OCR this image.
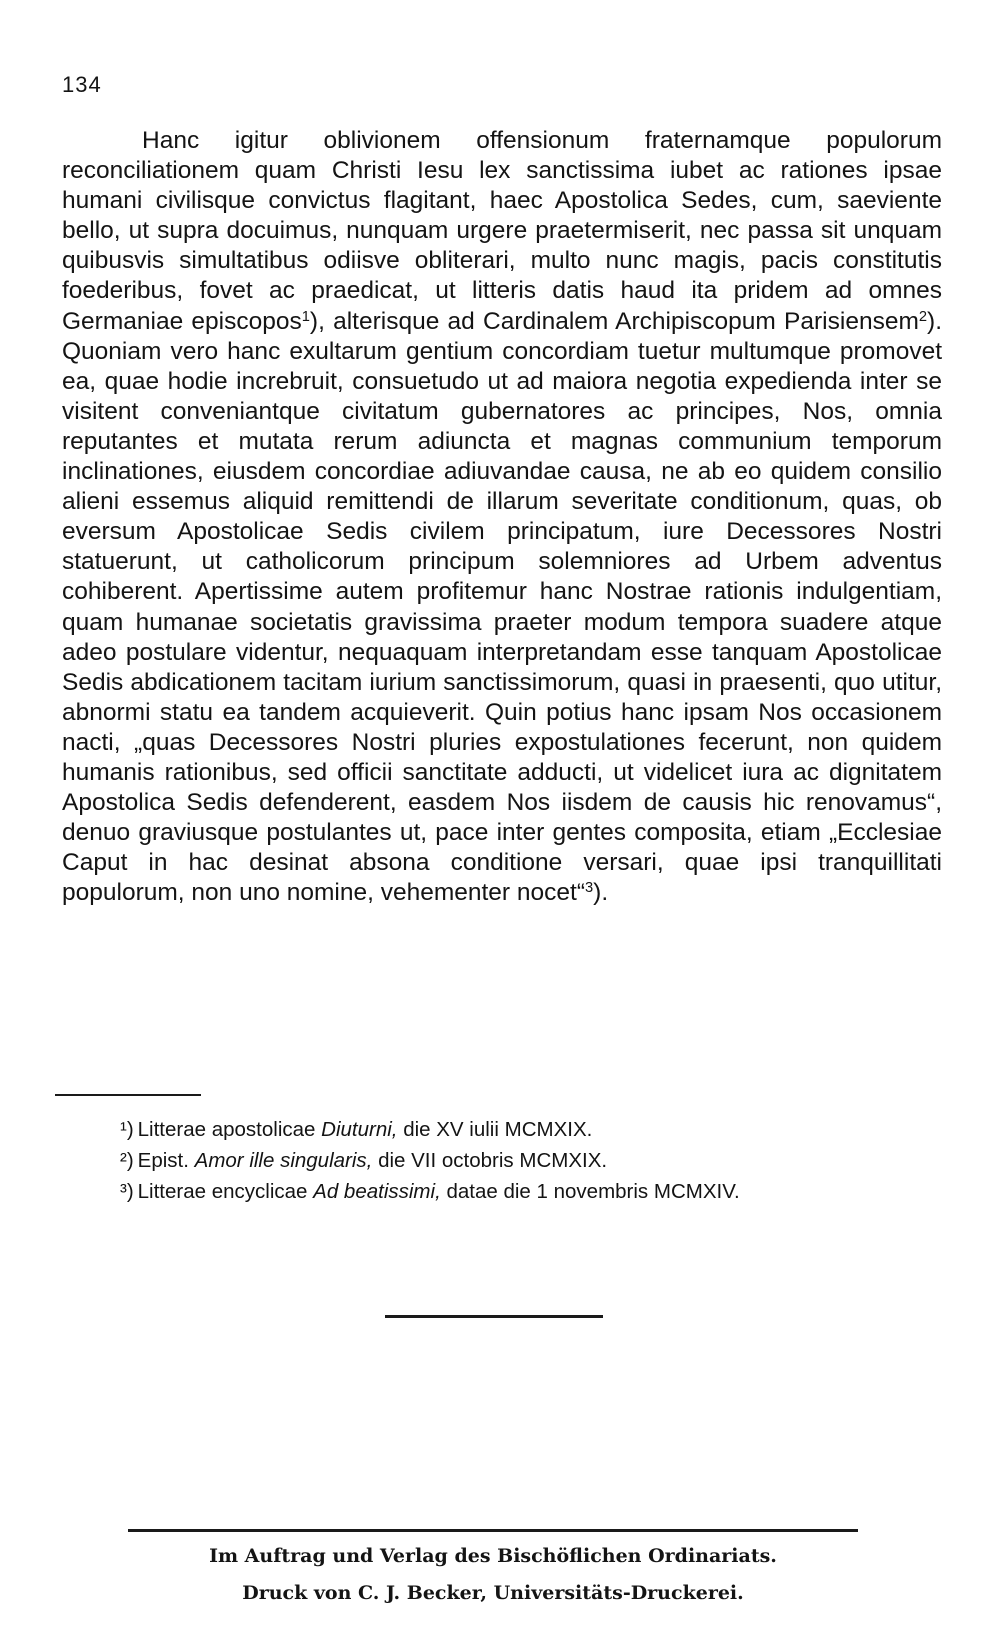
134

Hanc igitur oblivionem offensionum fraternamque populorum reconciliationem quam Christi Iesu lex sanctissima iubet ac rationes ipsae humani civilisque convictus flagitant, haec Apostolica Sedes, cum, saeviente bello, ut supra docuimus, nunquam urgere praetermiserit, nec passa sit unquam quibusvis simultatibus odiisve obliterari, multo nunc magis, pacis constitutis foederibus, fovet ac praedicat, ut litteris datis haud ita pridem ad omnes Germaniae episcopos$^1$), alterisque ad Cardinalem Archipiscopum Parisiensem$^2$). Quoniam vero hanc exultarum gentium concordiam tuetur multumque promovet ea, quae hodie increbruit, consuetudo ut ad maiora negotia expedienda inter se visitent conveniantque civitatum gubernatores ac principes, Nos, omnia reputantes et mutata rerum adiuncta et magnas communium temporum inclinationes, eiusdem concordiae adiuvandae causa, ne ab eo quidem consilio alieni essemus aliquid remittendi de illarum severitate conditionum, quas, ob eversum Apostolicae Sedis civilem principatum, iure Decessores Nostri statuerunt, ut catholicorum principum solemniores ad Urbem adventus cohiberent. Apertissime autem profitemur hanc Nostrae rationis indulgentiam, quam humanae societatis gravissima praeter modum tempora suadere atque adeo postulare videntur, nequaquam interpretandam esse tanquam Apostolicae Sedis abdicationem tacitam iurium sanctissimorum, quasi in praesenti, quo utitur, abnormi statu ea tandem acquieverit. Quin potius hanc ipsam Nos occasionem nacti, „quas Decessores Nostri pluries expostulationes fecerunt, non quidem humanis rationibus, sed officii sanctitate adducti, ut videlicet iura ac dignitatem Apostolica Sedis defenderent, easdem Nos iisdem de causis hic renovamus“, denuo graviusque postulantes ut, pace inter gentes composita, etiam „Ecclesiae Caput in hac desinat absona conditione versari, quae ipsi tranquillitati populorum, non uno nomine, vehementer nocet“$^3$).

¹) Litterae apostolicae Diuturni, die XV iulii MCMXIX.
²) Epist. Amor ille singularis, die VII octobris MCMXIX.
³) Litterae encyclicae Ad beatissimi, datae die 1 novembris MCMXIV.
Im Auftrag und Verlag des Bischöflichen Ordinariats.
Druck von C. J. Becker, Universitäts-Druckerei.
